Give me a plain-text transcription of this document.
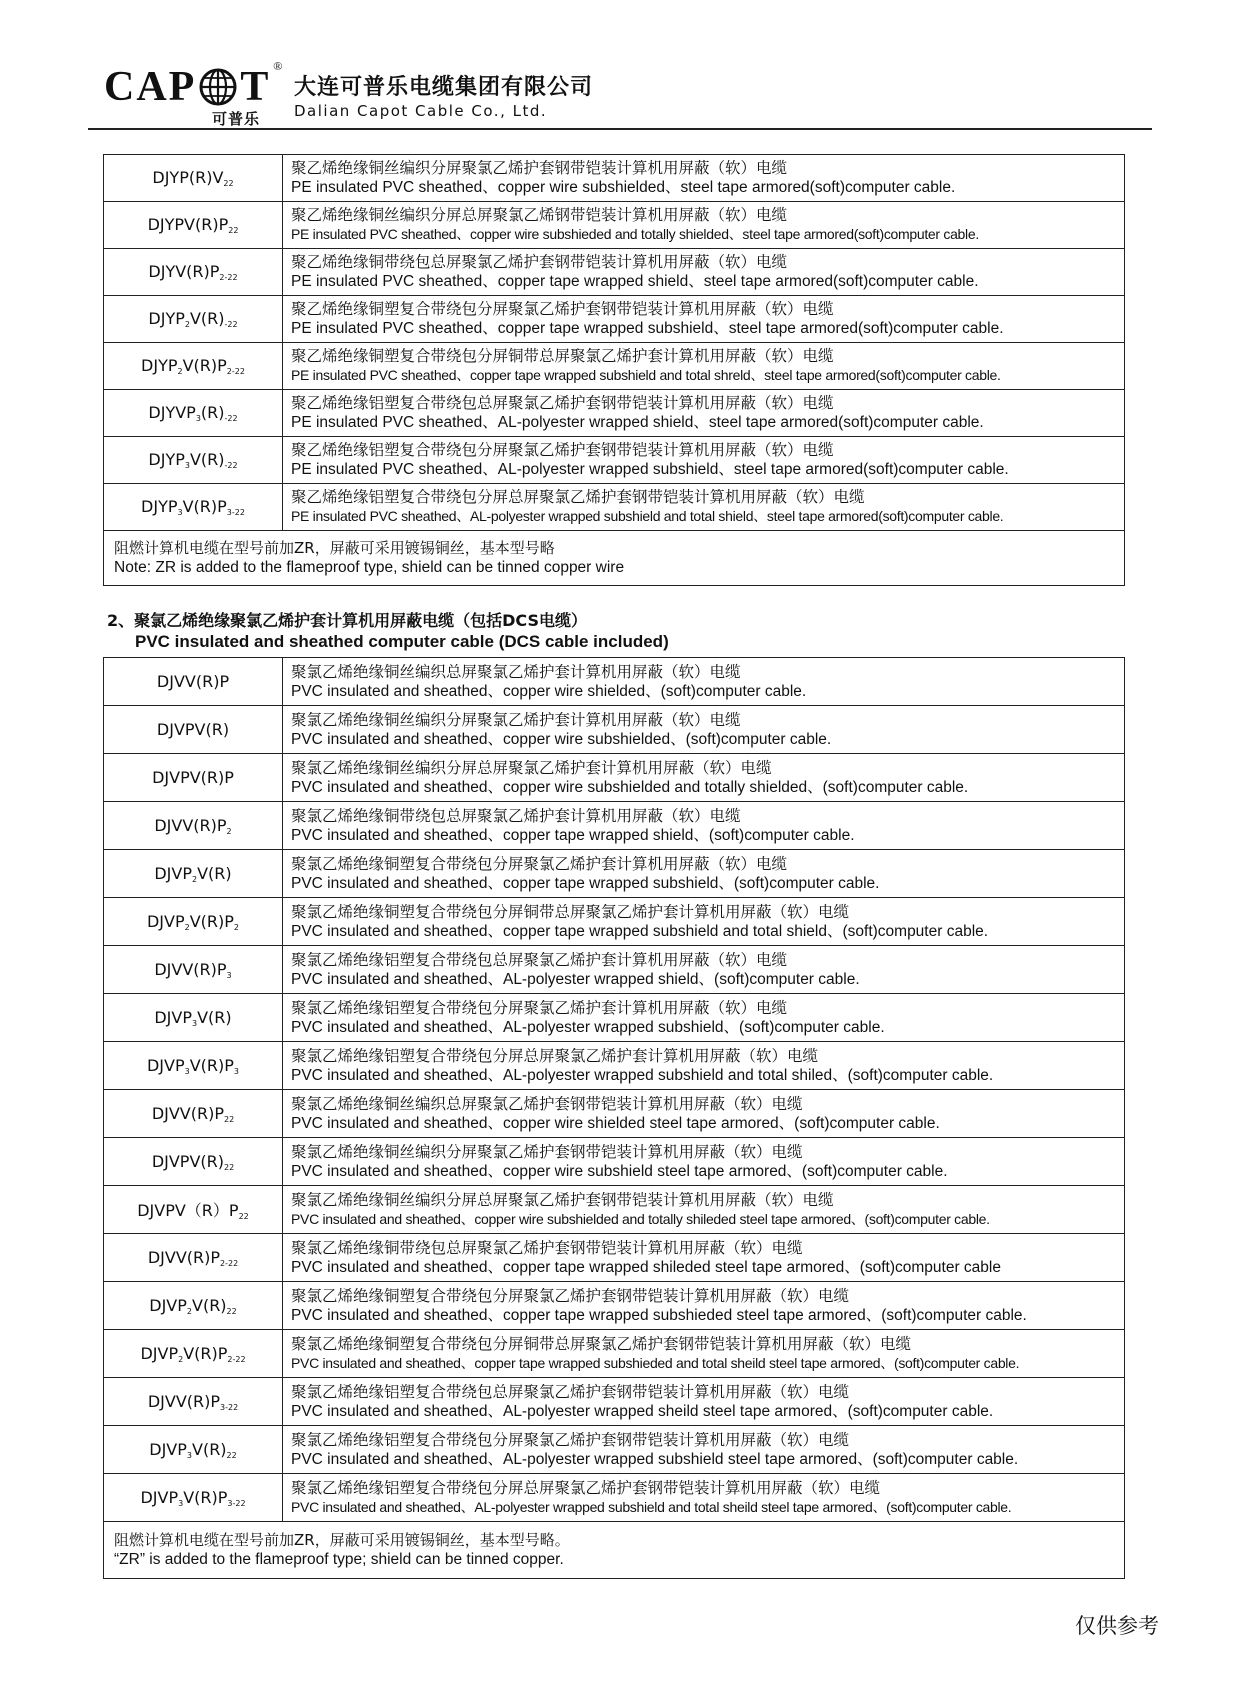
CAP T ®
可普乐
大连可普乐电缆集团有限公司
Dalian Capot Cable Co., Ltd.
$DJYP(R)V_{22}$	聚乙烯绝缘铜丝编织分屏聚氯乙烯护套钢带铠装计算机用屏蔽（软）电缆
PE insulated PVC sheathed、copper wire subshielded、steel tape armored(soft)computer cable.

$DJYPV(R)P_{22}$	聚乙烯绝缘铜丝编织分屏总屏聚氯乙烯钢带铠装计算机用屏蔽（软）电缆
PE insulated PVC sheathed、copper wire subshieded and totally shielded、steel tape armored(soft)computer cable.

$DJYV(R)P_{2-22}$	聚乙烯绝缘铜带绕包总屏聚氯乙烯护套钢带铠装计算机用屏蔽（软）电缆
PE insulated PVC sheathed、copper tape wrapped shield、steel tape armored(soft)computer cable.

$DJYP_2V(R)_{-22}$	聚乙烯绝缘铜塑复合带绕包分屏聚氯乙烯护套钢带铠装计算机用屏蔽（软）电缆
PE insulated PVC sheathed、copper tape wrapped subshield、steel tape armored(soft)computer cable.

$DJYP_2V(R)P_{2-22}$	聚乙烯绝缘铜塑复合带绕包分屏铜带总屏聚氯乙烯护套计算机用屏蔽（软）电缆
PE insulated PVC sheathed、copper tape wrapped subshield and total shreld、steel tape armored(soft)computer cable.

$DJYVP_3(R)_{-22}$	聚乙烯绝缘铝塑复合带绕包总屏聚氯乙烯护套钢带铠装计算机用屏蔽（软）电缆
PE insulated PVC sheathed、AL-polyester wrapped shield、steel tape armored(soft)computer cable.

$DJYP_3V(R)_{-22}$	聚乙烯绝缘铝塑复合带绕包分屏聚氯乙烯护套钢带铠装计算机用屏蔽（软）电缆
PE insulated PVC sheathed、AL-polyester wrapped subshield、steel tape armored(soft)computer cable.

$DJYP_3V(R)P_{3-22}$	聚乙烯绝缘铝塑复合带绕包分屏总屏聚氯乙烯护套钢带铠装计算机用屏蔽（软）电缆
PE insulated PVC sheathed、AL-polyester wrapped subshield and total shield、steel tape armored(soft)computer cable.

阻燃计算机电缆在型号前加ZR，屏蔽可采用镀锡铜丝，基本型号略
Note: ZR is added to the flameproof type, shield can be tinned copper wire	
2、聚氯乙烯绝缘聚氯乙烯护套计算机用屏蔽电缆（包括DCS电缆）
PVC insulated and sheathed computer cable (DCS cable included)
DJVV(R)P	聚氯乙烯绝缘铜丝编织总屏聚氯乙烯护套计算机用屏蔽（软）电缆
PVC insulated and sheathed、copper wire shielded、(soft)computer cable.

DJVPV(R)	聚氯乙烯绝缘铜丝编织分屏聚氯乙烯护套计算机用屏蔽（软）电缆
PVC insulated and sheathed、copper wire subshielded、(soft)computer cable.

DJVPV(R)P	聚氯乙烯绝缘铜丝编织分屏总屏聚氯乙烯护套计算机用屏蔽（软）电缆
PVC insulated and sheathed、copper wire subshielded and totally shielded、(soft)computer cable.

$DJVV(R)P_2$	聚氯乙烯绝缘铜带绕包总屏聚氯乙烯护套计算机用屏蔽（软）电缆
PVC insulated and sheathed、copper tape wrapped shield、(soft)computer cable.

$DJVP_2V(R)$	聚氯乙烯绝缘铜塑复合带绕包分屏聚氯乙烯护套计算机用屏蔽（软）电缆
PVC insulated and sheathed、copper tape wrapped subshield、(soft)computer cable.

$DJVP_2V(R)P_2$	聚氯乙烯绝缘铜塑复合带绕包分屏铜带总屏聚氯乙烯护套计算机用屏蔽（软）电缆
PVC insulated and sheathed、copper tape wrapped subshield and total shield、(soft)computer cable.

$DJVV(R)P_3$	聚氯乙烯绝缘铝塑复合带绕包总屏聚氯乙烯护套计算机用屏蔽（软）电缆
PVC insulated and sheathed、AL-polyester wrapped shield、(soft)computer cable.

$DJVP_3V(R)$	聚氯乙烯绝缘铝塑复合带绕包分屏聚氯乙烯护套计算机用屏蔽（软）电缆
PVC insulated and sheathed、AL-polyester wrapped subshield、(soft)computer cable.

$DJVP_3V(R)P_3$	聚氯乙烯绝缘铝塑复合带绕包分屏总屏聚氯乙烯护套计算机用屏蔽（软）电缆
PVC insulated and sheathed、AL-polyester wrapped subshield and total shiled、(soft)computer cable.

$DJVV(R)P_{22}$	聚氯乙烯绝缘铜丝编织总屏聚氯乙烯护套钢带铠装计算机用屏蔽（软）电缆
PVC insulated and sheathed、copper wire shielded steel tape armored、(soft)computer cable.

$DJVPV(R)_{22}$	聚氯乙烯绝缘铜丝编织分屏聚氯乙烯护套钢带铠装计算机用屏蔽（软）电缆
PVC insulated and sheathed、copper wire subshield steel tape armored、(soft)computer cable.

$DJVPV(R)P_{22}$	聚氯乙烯绝缘铜丝编织分屏总屏聚氯乙烯护套钢带铠装计算机用屏蔽（软）电缆
PVC insulated and sheathed、copper wire subshielded and totally shileded steel tape armored、(soft)computer cable.

$DJVV(R)P_{2-22}$	聚氯乙烯绝缘铜带绕包总屏聚氯乙烯护套钢带铠装计算机用屏蔽（软）电缆
PVC insulated and sheathed、copper tape wrapped shileded steel tape armored、(soft)computer cable

$DJVP_2V(R)_{22}$	聚氯乙烯绝缘铜塑复合带绕包分屏聚氯乙烯护套钢带铠装计算机用屏蔽（软）电缆
PVC insulated and sheathed、copper tape wrapped subshieded steel tape armored、(soft)computer cable.

$DJVP_2V(R)P_{2-22}$	聚氯乙烯绝缘铜塑复合带绕包分屏铜带总屏聚氯乙烯护套钢带铠装计算机用屏蔽（软）电缆
PVC insulated and sheathed、copper tape wrapped subshieded and total sheild steel tape armored、(soft)computer cable.

$DJVV(R)P_{3-22}$	聚氯乙烯绝缘铝塑复合带绕包总屏聚氯乙烯护套钢带铠装计算机用屏蔽（软）电缆
PVC insulated and sheathed、AL-polyester wrapped sheild steel tape armored、(soft)computer cable.

$DJVP_3V(R)_{22}$	聚氯乙烯绝缘铝塑复合带绕包分屏聚氯乙烯护套钢带铠装计算机用屏蔽（软）电缆
PVC insulated and sheathed、AL-polyester wrapped subshield steel tape armored、(soft)computer cable.

$DJVP_3V(R)P_{3-22}$	聚氯乙烯绝缘铝塑复合带绕包分屏总屏聚氯乙烯护套钢带铠装计算机用屏蔽（软）电缆
PVC insulated and sheathed、AL-polyester wrapped subshield and total sheild steel tape armored、(soft)computer cable.

阻燃计算机电缆在型号前加ZR，屏蔽可采用镀锡铜丝，基本型号略。
“ZR” is added to the flameproof type; shield can be tinned copper.	
仅供参考
